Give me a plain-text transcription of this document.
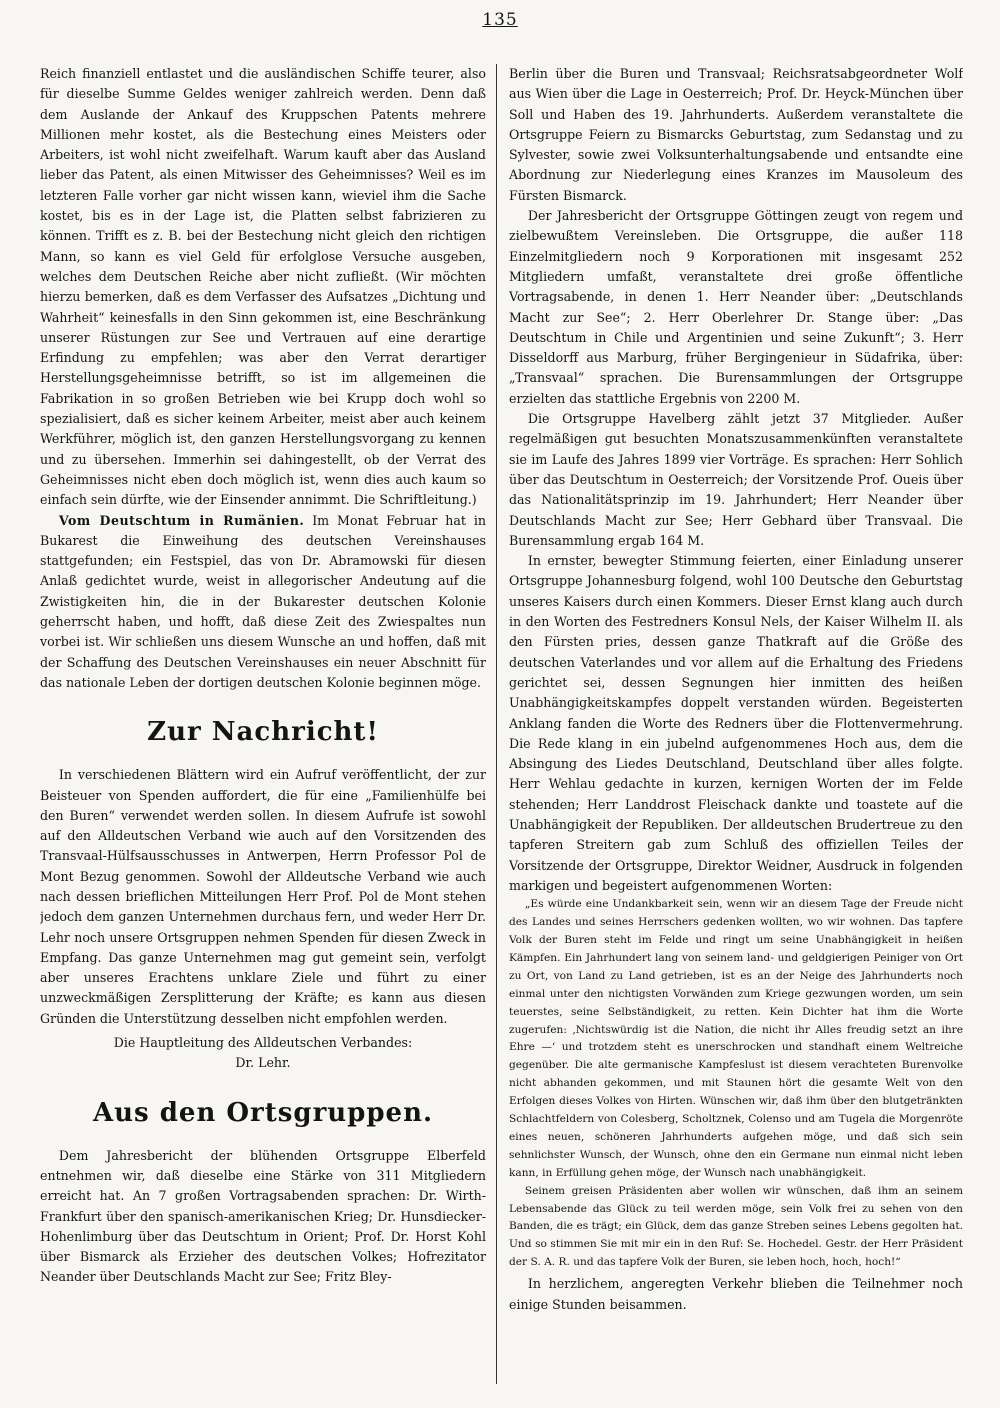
135

Reich finanziell entlastet und die ausländischen Schiffe teurer, also für dieselbe Summe Geldes weniger zahlreich werden. Denn daß dem Auslande der Ankauf des Kruppschen Patents mehrere Millionen mehr kostet, als die Bestechung eines Meisters oder Arbeiters, ist wohl nicht zweifelhaft. Warum kauft aber das Ausland lieber das Patent, als einen Mitwisser des Geheimnisses? Weil es im letzteren Falle vorher gar nicht wissen kann, wieviel ihm die Sache kostet, bis es in der Lage ist, die Platten selbst fabrizieren zu können. Trifft es z. B. bei der Bestechung nicht gleich den richtigen Mann, so kann es viel Geld für erfolglose Versuche ausgeben, welches dem Deutschen Reiche aber nicht zufließt. (Wir möchten hierzu bemerken, daß es dem Verfasser des Aufsatzes „Dichtung und Wahrheit“ keinesfalls in den Sinn gekommen ist, eine Beschränkung unserer Rüstungen zur See und Vertrauen auf eine derartige Erfindung zu empfehlen; was aber den Verrat derartiger Herstellungsgeheimnisse betrifft, so ist im allgemeinen die Fabrikation in so großen Betrieben wie bei Krupp doch wohl so spezialisiert, daß es sicher keinem Arbeiter, meist aber auch keinem Werkführer, möglich ist, den ganzen Herstellungsvorgang zu kennen und zu übersehen. Immerhin sei dahingestellt, ob der Verrat des Geheimnisses nicht eben doch möglich ist, wenn dies auch kaum so einfach sein dürfte, wie der Einsender annimmt. Die Schriftleitung.)

Vom Deutschtum in Rumänien. Im Monat Februar hat in Bukarest die Einweihung des deutschen Vereinshauses stattgefunden; ein Festspiel, das von Dr. Abramowski für diesen Anlaß gedichtet wurde, weist in allegorischer Andeutung auf die Zwistigkeiten hin, die in der Bukarester deutschen Kolonie geherrscht haben, und hofft, daß diese Zeit des Zwiespaltes nun vorbei ist. Wir schließen uns diesem Wunsche an und hoffen, daß mit der Schaffung des Deutschen Vereinshauses ein neuer Abschnitt für das nationale Leben der dortigen deutschen Kolonie beginnen möge.

Zur Nachricht!

In verschiedenen Blättern wird ein Aufruf veröffentlicht, der zur Beisteuer von Spenden auffordert, die für eine „Familienhülfe bei den Buren“ verwendet werden sollen. In diesem Aufrufe ist sowohl auf den Alldeutschen Verband wie auch auf den Vorsitzenden des Transvaal-Hülfsausschusses in Antwerpen, Herrn Professor Pol de Mont Bezug genommen. Sowohl der Alldeutsche Verband wie auch nach dessen brieflichen Mitteilungen Herr Prof. Pol de Mont stehen jedoch dem ganzen Unternehmen durchaus fern, und weder Herr Dr. Lehr noch unsere Ortsgruppen nehmen Spenden für diesen Zweck in Empfang. Das ganze Unternehmen mag gut gemeint sein, verfolgt aber unseres Erachtens unklare Ziele und führt zu einer unzweckmäßigen Zersplitterung der Kräfte; es kann aus diesen Gründen die Unterstützung desselben nicht empfohlen werden.

Die Hauptleitung des Alldeutschen Verbandes:
Dr. Lehr.
Aus den Ortsgruppen.

Dem Jahresbericht der blühenden Ortsgruppe Elberfeld entnehmen wir, daß dieselbe eine Stärke von 311 Mitgliedern erreicht hat. An 7 großen Vortragsabenden sprachen: Dr. Wirth-Frankfurt über den spanisch-amerikanischen Krieg; Dr. Hunsdiecker-Hohenlimburg über das Deutschtum in Orient; Prof. Dr. Horst Kohl über Bismarck als Erzieher des deutschen Volkes; Hofrezitator Neander über Deutschlands Macht zur See; Fritz Bley-

Berlin über die Buren und Transvaal; Reichsratsabgeordneter Wolf aus Wien über die Lage in Oesterreich; Prof. Dr. Heyck-München über Soll und Haben des 19. Jahrhunderts. Außerdem veranstaltete die Ortsgruppe Feiern zu Bismarcks Geburtstag, zum Sedanstag und zu Sylvester, sowie zwei Volksunterhaltungsabende und entsandte eine Abordnung zur Niederlegung eines Kranzes im Mausoleum des Fürsten Bismarck.

Der Jahresbericht der Ortsgruppe Göttingen zeugt von regem und zielbewußtem Vereinsleben. Die Ortsgruppe, die außer 118 Einzelmitgliedern noch 9 Korporationen mit insgesamt 252 Mitgliedern umfaßt, veranstaltete drei große öffentliche Vortragsabende, in denen 1. Herr Neander über: „Deutschlands Macht zur See“; 2. Herr Oberlehrer Dr. Stange über: „Das Deutschtum in Chile und Argentinien und seine Zukunft“; 3. Herr Disseldorff aus Marburg, früher Bergingenieur in Südafrika, über: „Transvaal“ sprachen. Die Burensammlungen der Ortsgruppe erzielten das stattliche Ergebnis von 2200 M.

Die Ortsgruppe Havelberg zählt jetzt 37 Mitglieder. Außer regelmäßigen gut besuchten Monatszusammenkünften veranstaltete sie im Laufe des Jahres 1899 vier Vorträge. Es sprachen: Herr Sohlich über das Deutschtum in Oesterreich; der Vorsitzende Prof. Oueis über das Nationalitätsprinzip im 19. Jahrhundert; Herr Neander über Deutschlands Macht zur See; Herr Gebhard über Transvaal. Die Burensammlung ergab 164 M.

In ernster, bewegter Stimmung feierten, einer Einladung unserer Ortsgruppe Johannesburg folgend, wohl 100 Deutsche den Geburtstag unseres Kaisers durch einen Kommers. Dieser Ernst klang auch durch in den Worten des Festredners Konsul Nels, der Kaiser Wilhelm II. als den Fürsten pries, dessen ganze Thatkraft auf die Größe des deutschen Vaterlandes und vor allem auf die Erhaltung des Friedens gerichtet sei, dessen Segnungen hier inmitten des heißen Unabhängigkeitskampfes doppelt verstanden würden. Begeisterten Anklang fanden die Worte des Redners über die Flottenvermehrung. Die Rede klang in ein jubelnd aufgenommenes Hoch aus, dem die Absingung des Liedes Deutschland, Deutschland über alles folgte. Herr Wehlau gedachte in kurzen, kernigen Worten der im Felde stehenden; Herr Landdrost Fleischack dankte und toastete auf die Unabhängigkeit der Republiken. Der alldeutschen Brudertreue zu den tapferen Streitern gab zum Schluß des offiziellen Teiles der Vorsitzende der Ortsgruppe, Direktor Weidner, Ausdruck in folgenden markigen und begeistert aufgenommenen Worten:

„Es würde eine Undankbarkeit sein, wenn wir an diesem Tage der Freude nicht des Landes und seines Herrschers gedenken wollten, wo wir wohnen. Das tapfere Volk der Buren steht im Felde und ringt um seine Unabhängigkeit in heißen Kämpfen. Ein Jahrhundert lang von seinem land- und geldgierigen Peiniger von Ort zu Ort, von Land zu Land getrieben, ist es an der Neige des Jahrhunderts noch einmal unter den nichtigsten Vorwänden zum Kriege gezwungen worden, um sein teuerstes, seine Selbständigkeit, zu retten. Kein Dichter hat ihm die Worte zugerufen: ‚Nichtswürdig ist die Nation, die nicht ihr Alles freudig setzt an ihre Ehre —‘ und trotzdem steht es unerschrocken und standhaft einem Weltreiche gegenüber. Die alte germanische Kampfeslust ist diesem verachteten Burenvolke nicht abhanden gekommen, und mit Staunen hört die gesamte Welt von den Erfolgen dieses Volkes von Hirten. Wünschen wir, daß ihm über den blutgetränkten Schlachtfeldern von Colesberg, Scholtznek, Colenso und am Tugela die Morgenröte eines neuen, schöneren Jahrhunderts aufgehen möge, und daß sich sein sehnlichster Wunsch, der Wunsch, ohne den ein Germane nun einmal nicht leben kann, in Erfüllung gehen möge, der Wunsch nach unabhängigkeit.

Seinem greisen Präsidenten aber wollen wir wünschen, daß ihm an seinem Lebensabende das Glück zu teil werden möge, sein Volk frei zu sehen von den Banden, die es trägt; ein Glück, dem das ganze Streben seines Lebens gegolten hat. Und so stimmen Sie mit mir ein in den Ruf: Se. Hochedel. Gestr. der Herr Präsident der S. A. R. und das tapfere Volk der Buren, sie leben hoch, hoch, hoch!“

In herzlichem, angeregten Verkehr blieben die Teilnehmer noch einige Stunden beisammen.
